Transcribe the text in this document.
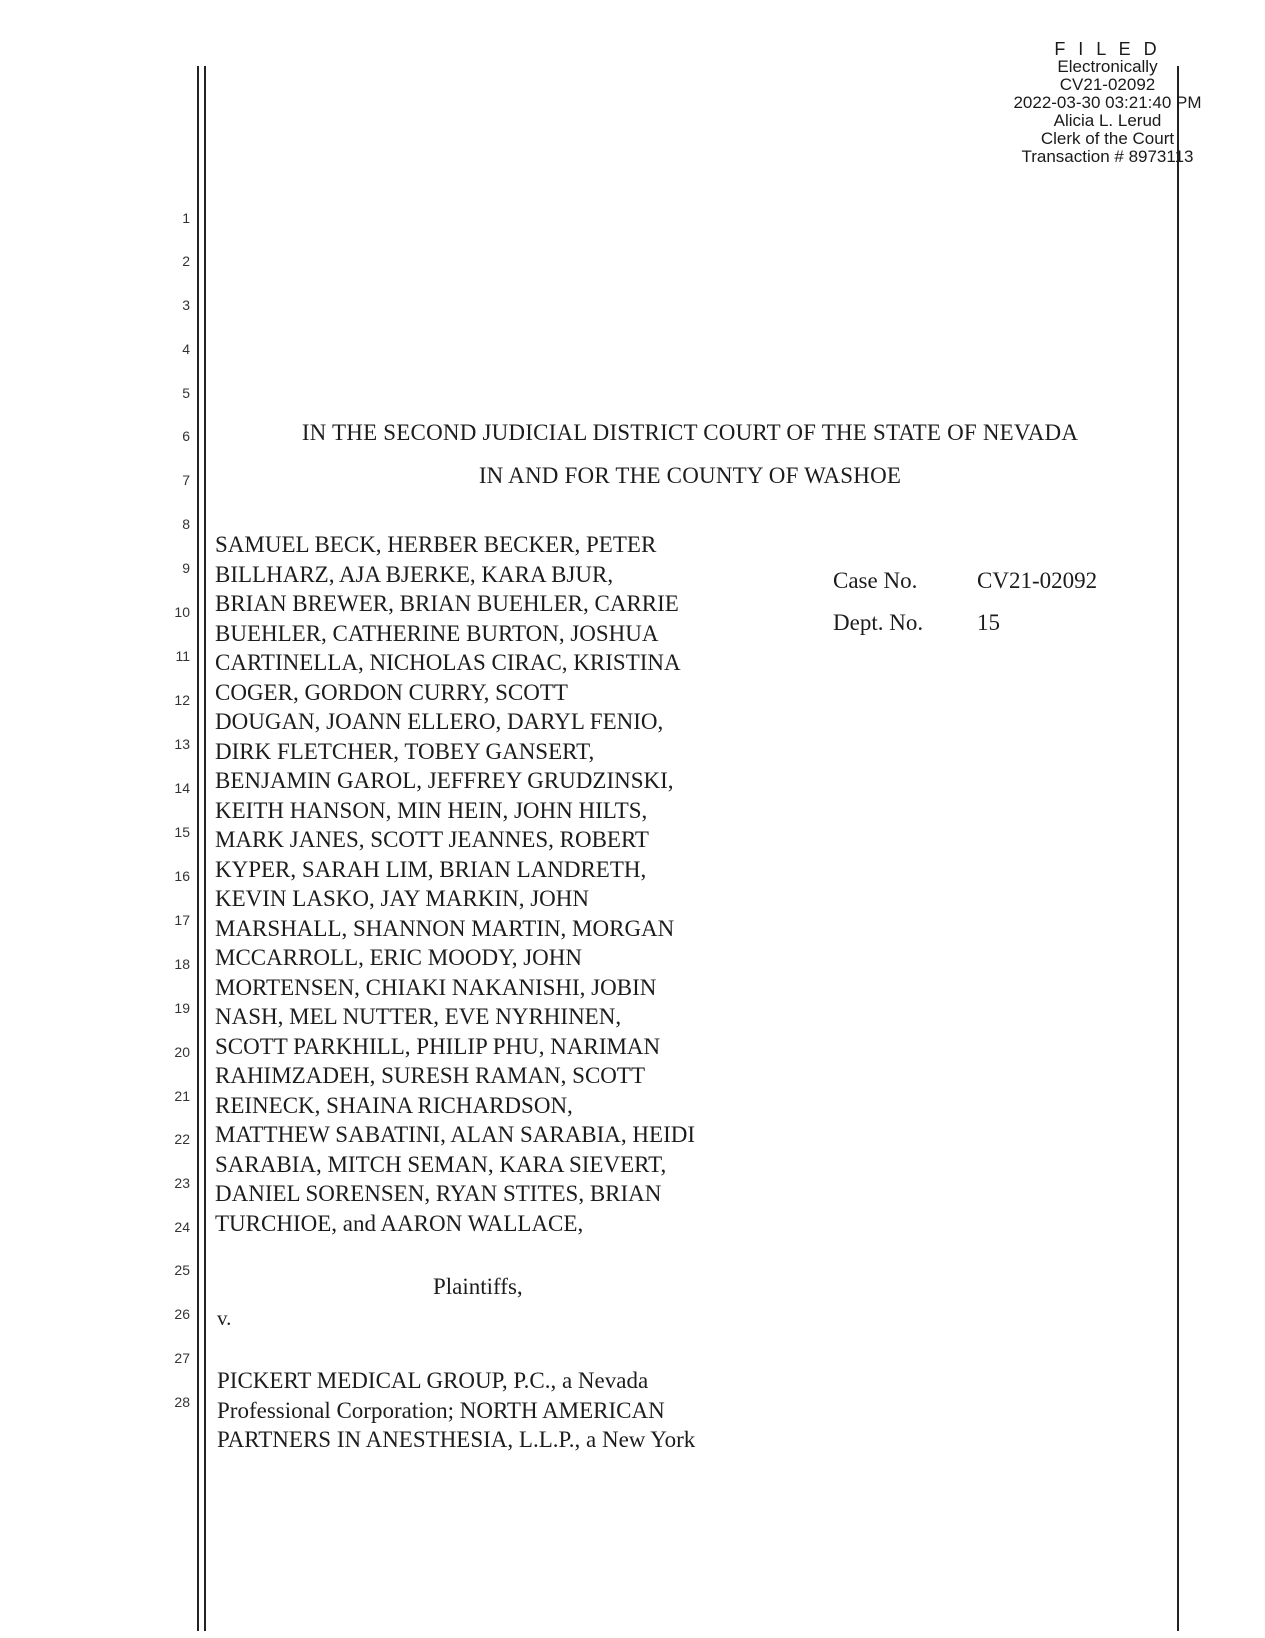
F I L E D
Electronically
CV21-02092
2022-03-30 03:21:40 PM
Alicia L. Lerud
Clerk of the Court
Transaction # 8973113
1
2
3
4
5
6
7
8
9
10
11
12
13
14
15
16
17
18
19
20
21
22
23
24
25
26
27
28
IN THE SECOND JUDICIAL DISTRICT COURT OF THE STATE OF NEVADA
IN AND FOR THE COUNTY OF WASHOE
SAMUEL BECK, HERBER BECKER, PETER
BILLHARZ, AJA BJERKE, KARA BJUR,
BRIAN BREWER, BRIAN BUEHLER, CARRIE
BUEHLER, CATHERINE BURTON, JOSHUA
CARTINELLA, NICHOLAS CIRAC, KRISTINA
COGER, GORDON CURRY, SCOTT
DOUGAN, JOANN ELLERO, DARYL FENIO,
DIRK FLETCHER, TOBEY GANSERT,
BENJAMIN GAROL, JEFFREY GRUDZINSKI,
KEITH HANSON, MIN HEIN, JOHN HILTS,
MARK JANES, SCOTT JEANNES, ROBERT
KYPER, SARAH LIM, BRIAN LANDRETH,
KEVIN LASKO, JAY MARKIN, JOHN
MARSHALL, SHANNON MARTIN, MORGAN
MCCARROLL, ERIC MOODY, JOHN
MORTENSEN, CHIAKI NAKANISHI, JOBIN
NASH, MEL NUTTER, EVE NYRHINEN,
SCOTT PARKHILL, PHILIP PHU, NARIMAN
RAHIMZADEH, SURESH RAMAN, SCOTT
REINECK, SHAINA RICHARDSON,
MATTHEW SABATINI, ALAN SARABIA, HEIDI
SARABIA, MITCH SEMAN, KARA SIEVERT,
DANIEL SORENSEN, RYAN STITES, BRIAN
TURCHIOE, and AARON WALLACE,
Case No.	CV21-02092
Dept. No.	15
Plaintiffs,
v.
PICKERT MEDICAL GROUP, P.C., a Nevada
Professional Corporation; NORTH AMERICAN
PARTNERS IN ANESTHESIA, L.L.P., a New York
